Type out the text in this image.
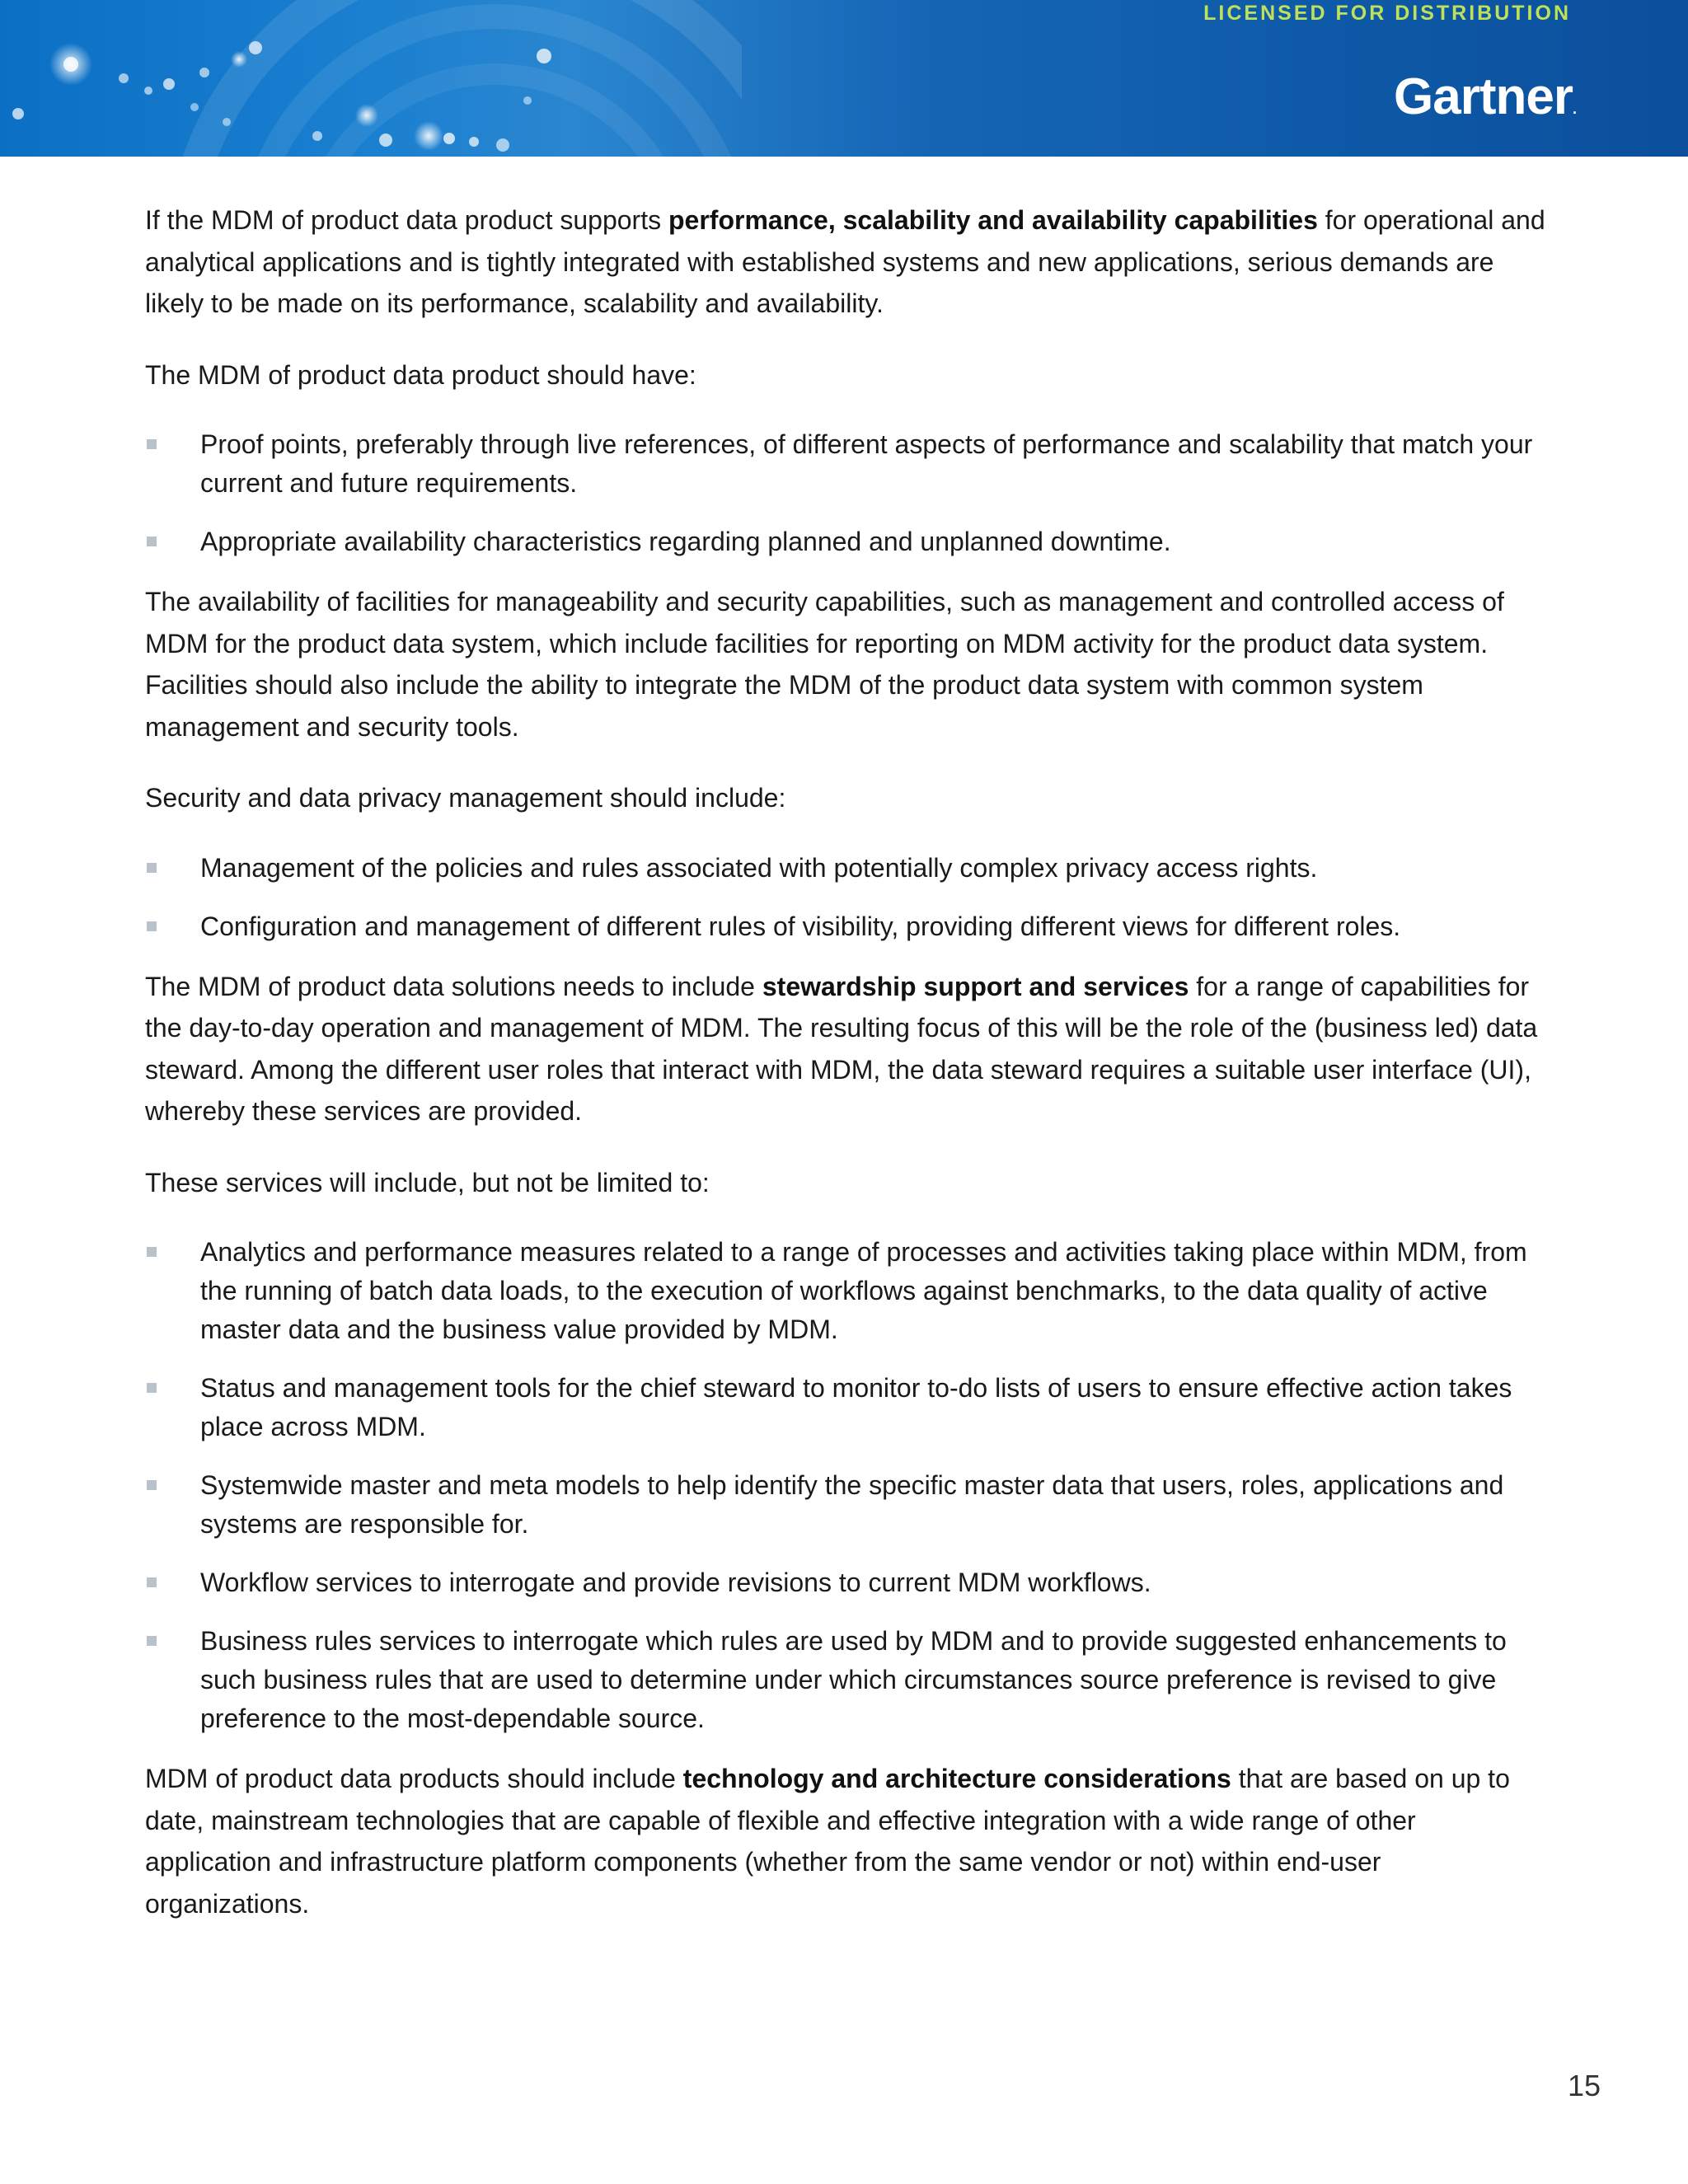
LICENSED FOR DISTRIBUTION
Gartner.

If the MDM of product data product supports performance, scalability and availability capabilities for operational and analytical applications and is tightly integrated with established systems and new applications, serious demands are likely to be made on its performance, scalability and availability.

The MDM of product data product should have:

Proof points, preferably through live references, of different aspects of performance and scalability that match your current and future requirements.
Appropriate availability characteristics regarding planned and unplanned downtime.

The availability of facilities for manageability and security capabilities, such as management and controlled access of MDM for the product data system, which include facilities for reporting on MDM activity for the product data system. Facilities should also include the ability to integrate the MDM of the product data system with common system management and security tools.

Security and data privacy management should include:

Management of the policies and rules associated with potentially complex privacy access rights.
Configuration and management of different rules of visibility, providing different views for different roles.

The MDM of product data solutions needs to include stewardship support and services for a range of capabilities for the day-to-day operation and management of MDM. The resulting focus of this will be the role of the (business led) data steward. Among the different user roles that interact with MDM, the data steward requires a suitable user interface (UI), whereby these services are provided.

These services will include, but not be limited to:

Analytics and performance measures related to a range of processes and activities taking place within MDM, from the running of batch data loads, to the execution of workflows against benchmarks, to the data quality of active master data and the business value provided by MDM.
Status and management tools for the chief steward to monitor to-do lists of users to ensure effective action takes place across MDM.
Systemwide master and meta models to help identify the specific master data that users, roles, applications and systems are responsible for.
Workflow services to interrogate and provide revisions to current MDM workflows.
Business rules services to interrogate which rules are used by MDM and to provide suggested enhancements to such business rules that are used to determine under which circumstances source preference is revised to give preference to the most-dependable source.

MDM of product data products should include technology and architecture considerations that are based on up to date, mainstream technologies that are capable of flexible and effective integration with a wide range of other application and infrastructure platform components (whether from the same vendor or not) within end-user organizations.

15
